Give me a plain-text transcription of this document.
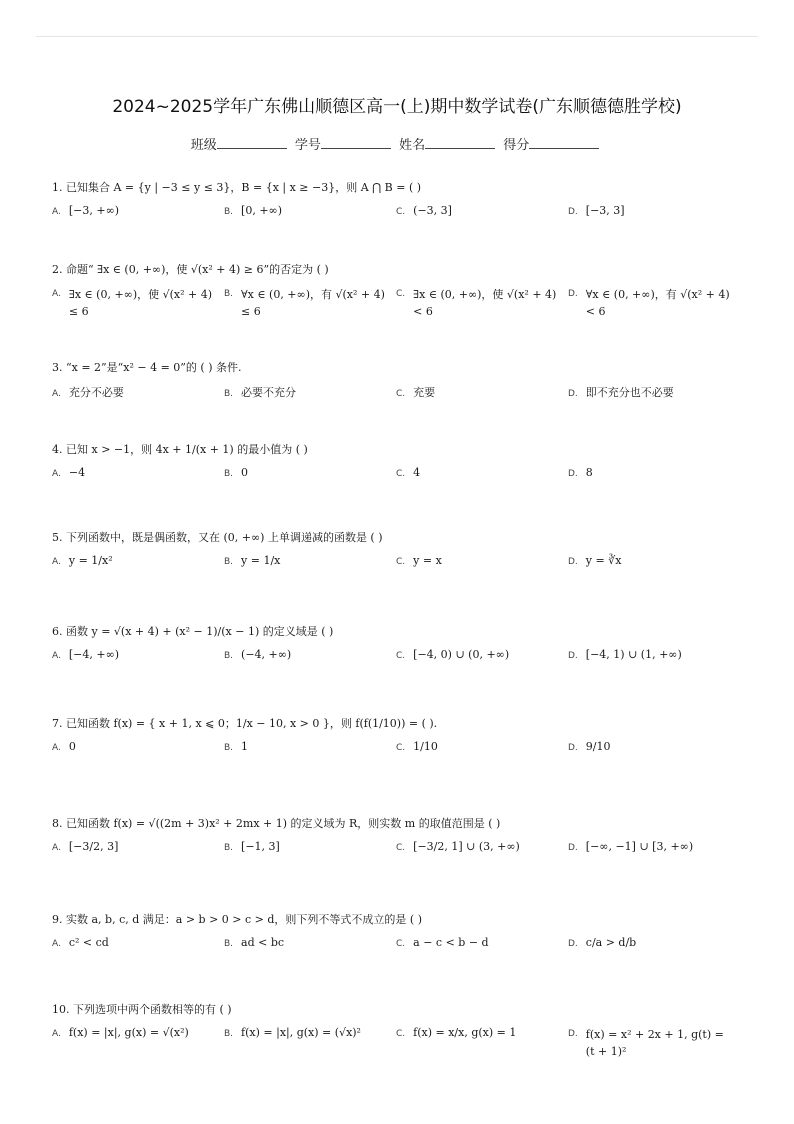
2024~2025学年广东佛山顺德区高一(上)期中数学试卷(广东顺德德胜学校)
班级	学号	姓名	得分
1. 已知集合 A = {y | −3 ≤ y ≤ 3}，B = {x | x ≥ −3}，则 A ⋂ B = ( )
A. [−3, +∞)	B. [0, +∞)	C. (−3, 3]	D. [−3, 3]
2. 命题“ ∃x ∈ (0, +∞)，使 √(x² + 4) ≥ 6”的否定为 ( )
A. ∃x ∈ (0, +∞)，使 √(x² + 4) ≤ 6
B. ∀x ∈ (0, +∞)，有 √(x² + 4) ≤ 6
C. ∃x ∈ (0, +∞)，使 √(x² + 4) < 6
D. ∀x ∈ (0, +∞)，有 √(x² + 4) < 6
3. “x = 2”是“x² − 4 = 0”的 ( ) 条件.
A. 充分不必要	B. 必要不充分	C. 充要	D. 即不充分也不必要
4. 已知 x > −1，则 4x + 1/(x + 1) 的最小值为 ( )
A. −4	B. 0	C. 4	D. 8
5. 下列函数中，既是偶函数，又在 (0, +∞) 上单调递减的函数是 ( )
A. y = 1/x²	B. y = 1/x	C. y = x	D. y = ∛x
6. 函数 y = √(x + 4) + (x² − 1)/(x − 1) 的定义域是 ( )
A. [−4, +∞)	B. (−4, +∞)	C. [−4, 0) ∪ (0, +∞)	D. [−4, 1) ∪ (1, +∞)
7. 已知函数 f(x) = { x + 1, x ⩽ 0；1/x − 10, x > 0 }，则 f(f(1/10)) = ( ).
A. 0	B. 1	C. 1/10	D. 9/10
8. 已知函数 f(x) = √((2m + 3)x² + 2mx + 1) 的定义域为 R，则实数 m 的取值范围是 ( )
A. [−3/2, 3]	B. [−1, 3]	C. [−3/2, 1] ∪ (3, +∞)	D. [−∞, −1] ∪ [3, +∞)
9. 实数 a, b, c, d 满足：a > b > 0 > c > d，则下列不等式不成立的是 ( )
A. c² < cd	B. ad < bc	C. a − c < b − d	D. c/a > d/b
10. 下列选项中两个函数相等的有 ( )
A. f(x) = |x|, g(x) = √(x²)	B. f(x) = |x|, g(x) = (√x)²	C. f(x) = x/x, g(x) = 1	D. f(x) = x² + 2x + 1, g(t) = (t + 1)²
